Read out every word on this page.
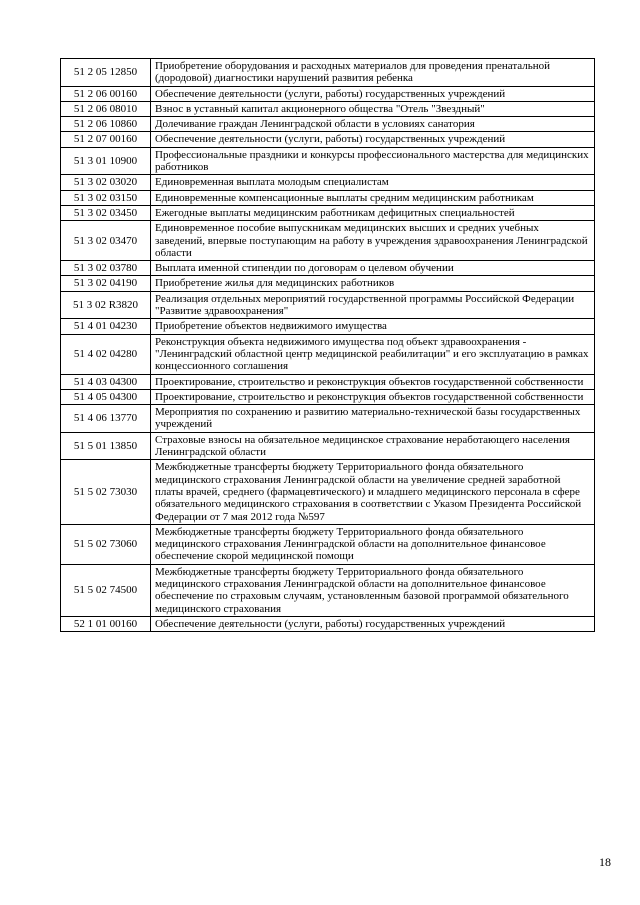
51 2 05 12850	Приобретение оборудования и расходных материалов для проведения пренатальной (дородовой) диагностики нарушений развития ребенка
51 2 06 00160	Обеспечение деятельности (услуги, работы) государственных учреждений
51 2 06 08010	Взнос в уставный капитал акционерного общества "Отель "Звездный"
51 2 06 10860	Долечивание граждан Ленинградской области в условиях санатория
51 2 07 00160	Обеспечение деятельности (услуги, работы) государственных учреждений
51 3 01 10900	Профессиональные праздники и конкурсы профессионального мастерства для медицинских работников
51 3 02 03020	Единовременная выплата молодым специалистам
51 3 02 03150	Единовременные компенсационные выплаты средним медицинским работникам
51 3 02 03450	Ежегодные выплаты медицинским работникам дефицитных специальностей
51 3 02 03470	Единовременное пособие выпускникам медицинских высших и средних учебных заведений, впервые поступающим на работу в учреждения здравоохранения Ленинградской области
51 3 02 03780	Выплата именной стипендии по договорам о целевом обучении
51 3 02 04190	Приобретение жилья для медицинских работников
51 3 02 R3820	Реализация отдельных мероприятий государственной программы Российской Федерации "Развитие здравоохранения"
51 4 01 04230	Приобретение объектов недвижимого имущества
51 4 02 04280	Реконструкция объекта недвижимого имущества под объект здравоохранения - "Ленинградский областной центр медицинской реабилитации" и его эксплуатацию в рамках концессионного соглашения
51 4 03 04300	Проектирование, строительство и реконструкция объектов государственной собственности
51 4 05 04300	Проектирование, строительство и реконструкция объектов государственной собственности
51 4 06 13770	Мероприятия по сохранению и развитию материально-технической базы государственных учреждений
51 5 01 13850	Страховые взносы на обязательное медицинское страхование неработающего населения Ленинградской области
51 5 02 73030	Межбюджетные трансферты бюджету Территориального фонда обязательного медицинского страхования Ленинградской области на увеличение средней заработной платы врачей, среднего (фармацевтического) и младшего медицинского персонала в сфере обязательного медицинского страхования в соответствии с Указом Президента Российской Федерации от 7 мая 2012 года №597
51 5 02 73060	Межбюджетные трансферты бюджету Территориального фонда обязательного медицинского страхования Ленинградской области на дополнительное финансовое обеспечение скорой медицинской помощи
51 5 02 74500	Межбюджетные трансферты бюджету Территориального фонда обязательного медицинского страхования Ленинградской области на дополнительное финансовое обеспечение по страховым случаям, установленным базовой программой обязательного медицинского страхования
52 1 01 00160	Обеспечение деятельности (услуги, работы) государственных учреждений
18
